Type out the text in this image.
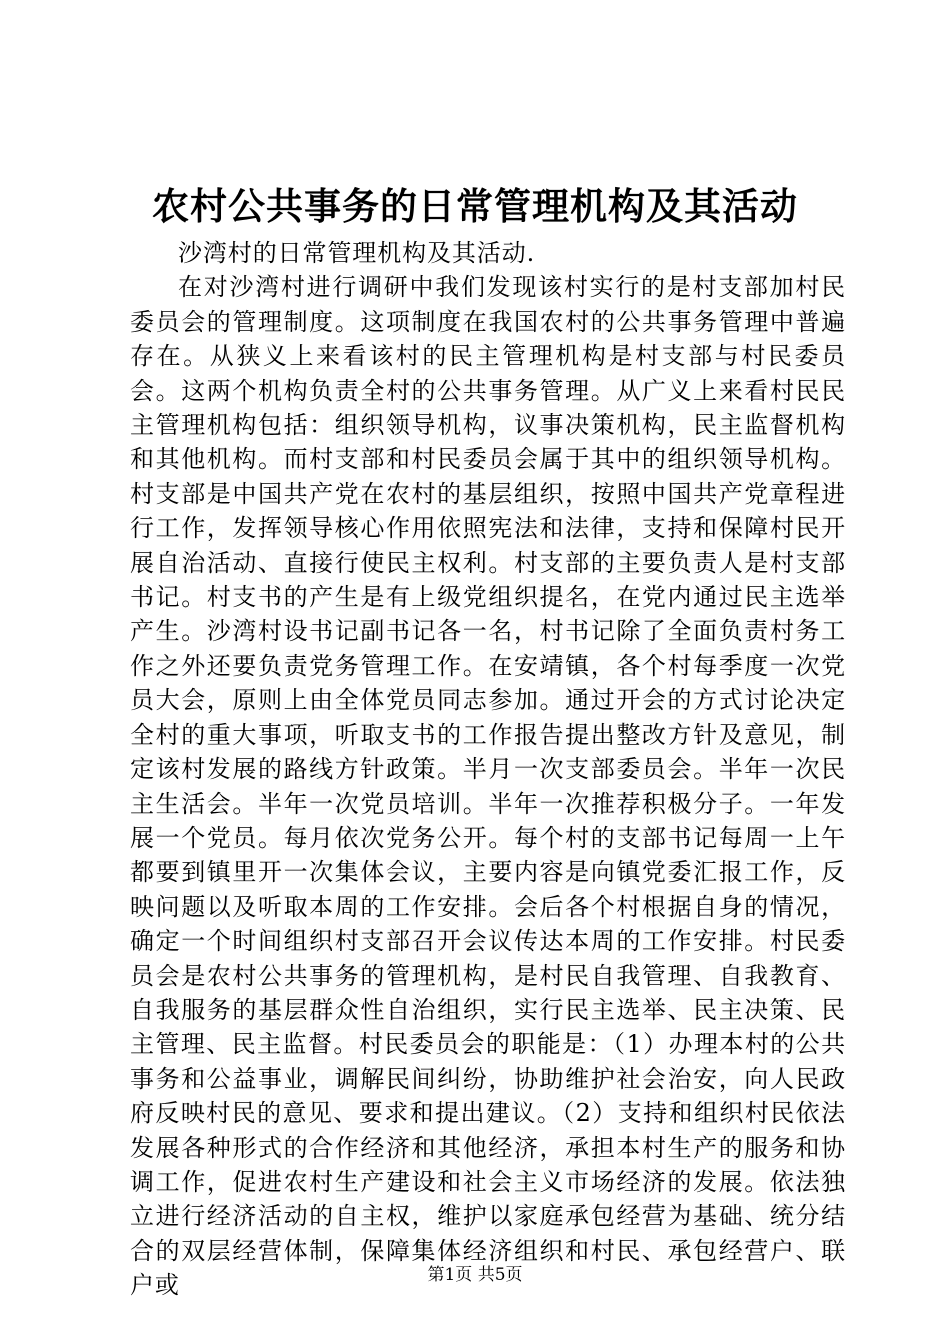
农村公共事务的日常管理机构及其活动

沙湾村的日常管理机构及其活动.

在对沙湾村进行调研中我们发现该村实行的是村支部加村民委员会的管理制度。这项制度在我国农村的公共事务管理中普遍存在。从狭义上来看该村的民主管理机构是村支部与村民委员会。这两个机构负责全村的公共事务管理。从广义上来看村民民主管理机构包括：组织领导机构，议事决策机构，民主监督机构和其他机构。而村支部和村民委员会属于其中的组织领导机构。村支部是中国共产党在农村的基层组织，按照中国共产党章程进行工作，发挥领导核心作用依照宪法和法律，支持和保障村民开展自治活动、直接行使民主权利。村支部的主要负责人是村支部书记。村支书的产生是有上级党组织提名，在党内通过民主选举产生。沙湾村设书记副书记各一名，村书记除了全面负责村务工作之外还要负责党务管理工作。在安靖镇，各个村每季度一次党员大会，原则上由全体党员同志参加。通过开会的方式讨论决定全村的重大事项，听取支书的工作报告提出整改方针及意见，制定该村发展的路线方针政策。半月一次支部委员会。半年一次民主生活会。半年一次党员培训。半年一次推荐积极分子。一年发展一个党员。每月依次党务公开。每个村的支部书记每周一上午都要到镇里开一次集体会议，主要内容是向镇党委汇报工作，反映问题以及听取本周的工作安排。会后各个村根据自身的情况，确定一个时间组织村支部召开会议传达本周的工作安排。村民委员会是农村公共事务的管理机构，是村民自我管理、自我教育、自我服务的基层群众性自治组织，实行民主选举、民主决策、民主管理、民主监督。村民委员会的职能是：（1）办理本村的公共事务和公益事业，调解民间纠纷，协助维护社会治安，向人民政府反映村民的意见、要求和提出建议。（2）支持和组织村民依法发展各种形式的合作经济和其他经济，承担本村生产的服务和协调工作，促进农村生产建设和社会主义市场经济的发展。依法独立进行经济活动的自主权，维护以家庭承包经营为基础、统分结合的双层经营体制，保障集体经济组织和村民、承包经营户、联户或	第1页 共5页
